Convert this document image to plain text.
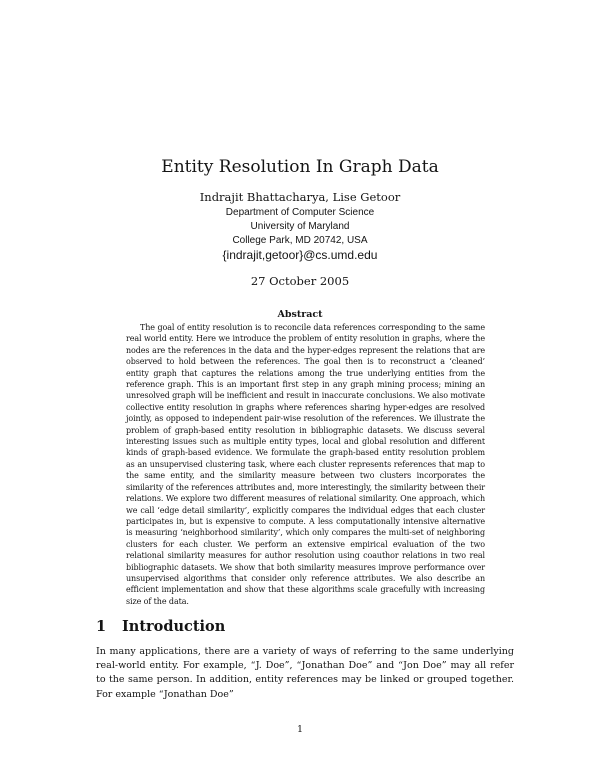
Entity Resolution In Graph Data
Indrajit Bhattacharya, Lise Getoor
Department of Computer Science
University of Maryland
College Park, MD 20742, USA
{indrajit,getoor}@cs.umd.edu
27 October 2005
Abstract

The goal of entity resolution is to reconcile data references corresponding to the same real world entity. Here we introduce the problem of entity resolution in graphs, where the nodes are the references in the data and the hyper-edges represent the relations that are observed to hold between the references. The goal then is to reconstruct a ‘cleaned’ entity graph that captures the relations among the true underlying entities from the reference graph. This is an important first step in any graph mining process; mining an unresolved graph will be inefficient and result in inaccurate conclusions. We also motivate collective entity resolution in graphs where references sharing hyper-edges are resolved jointly, as opposed to independent pair-wise resolution of the references. We illustrate the problem of graph-based entity resolution in bibliographic datasets. We discuss several interesting issues such as multiple entity types, local and global resolution and different kinds of graph-based evidence. We formulate the graph-based entity resolution problem as an unsupervised clustering task, where each cluster represents references that map to the same entity, and the similarity measure between two clusters incorporates the similarity of the references attributes and, more interestingly, the similarity between their relations. We explore two different measures of relational similarity. One approach, which we call ‘edge detail similarity’, explicitly compares the individual edges that each cluster participates in, but is expensive to compute. A less computationally intensive alternative is measuring ‘neighborhood similarity’, which only compares the multi-set of neighboring clusters for each cluster. We perform an extensive empirical evaluation of the two relational similarity measures for author resolution using coauthor relations in two real bibliographic datasets. We show that both similarity measures improve performance over unsupervised algorithms that consider only reference attributes. We also describe an efficient implementation and show that these algorithms scale gracefully with increasing size of the data.

1 Introduction

In many applications, there are a variety of ways of referring to the same underlying real-world entity. For example, “J. Doe”, “Jonathan Doe” and “Jon Doe” may all refer to the same person. In addition, entity references may be linked or grouped together. For example “Jonathan Doe”

1
